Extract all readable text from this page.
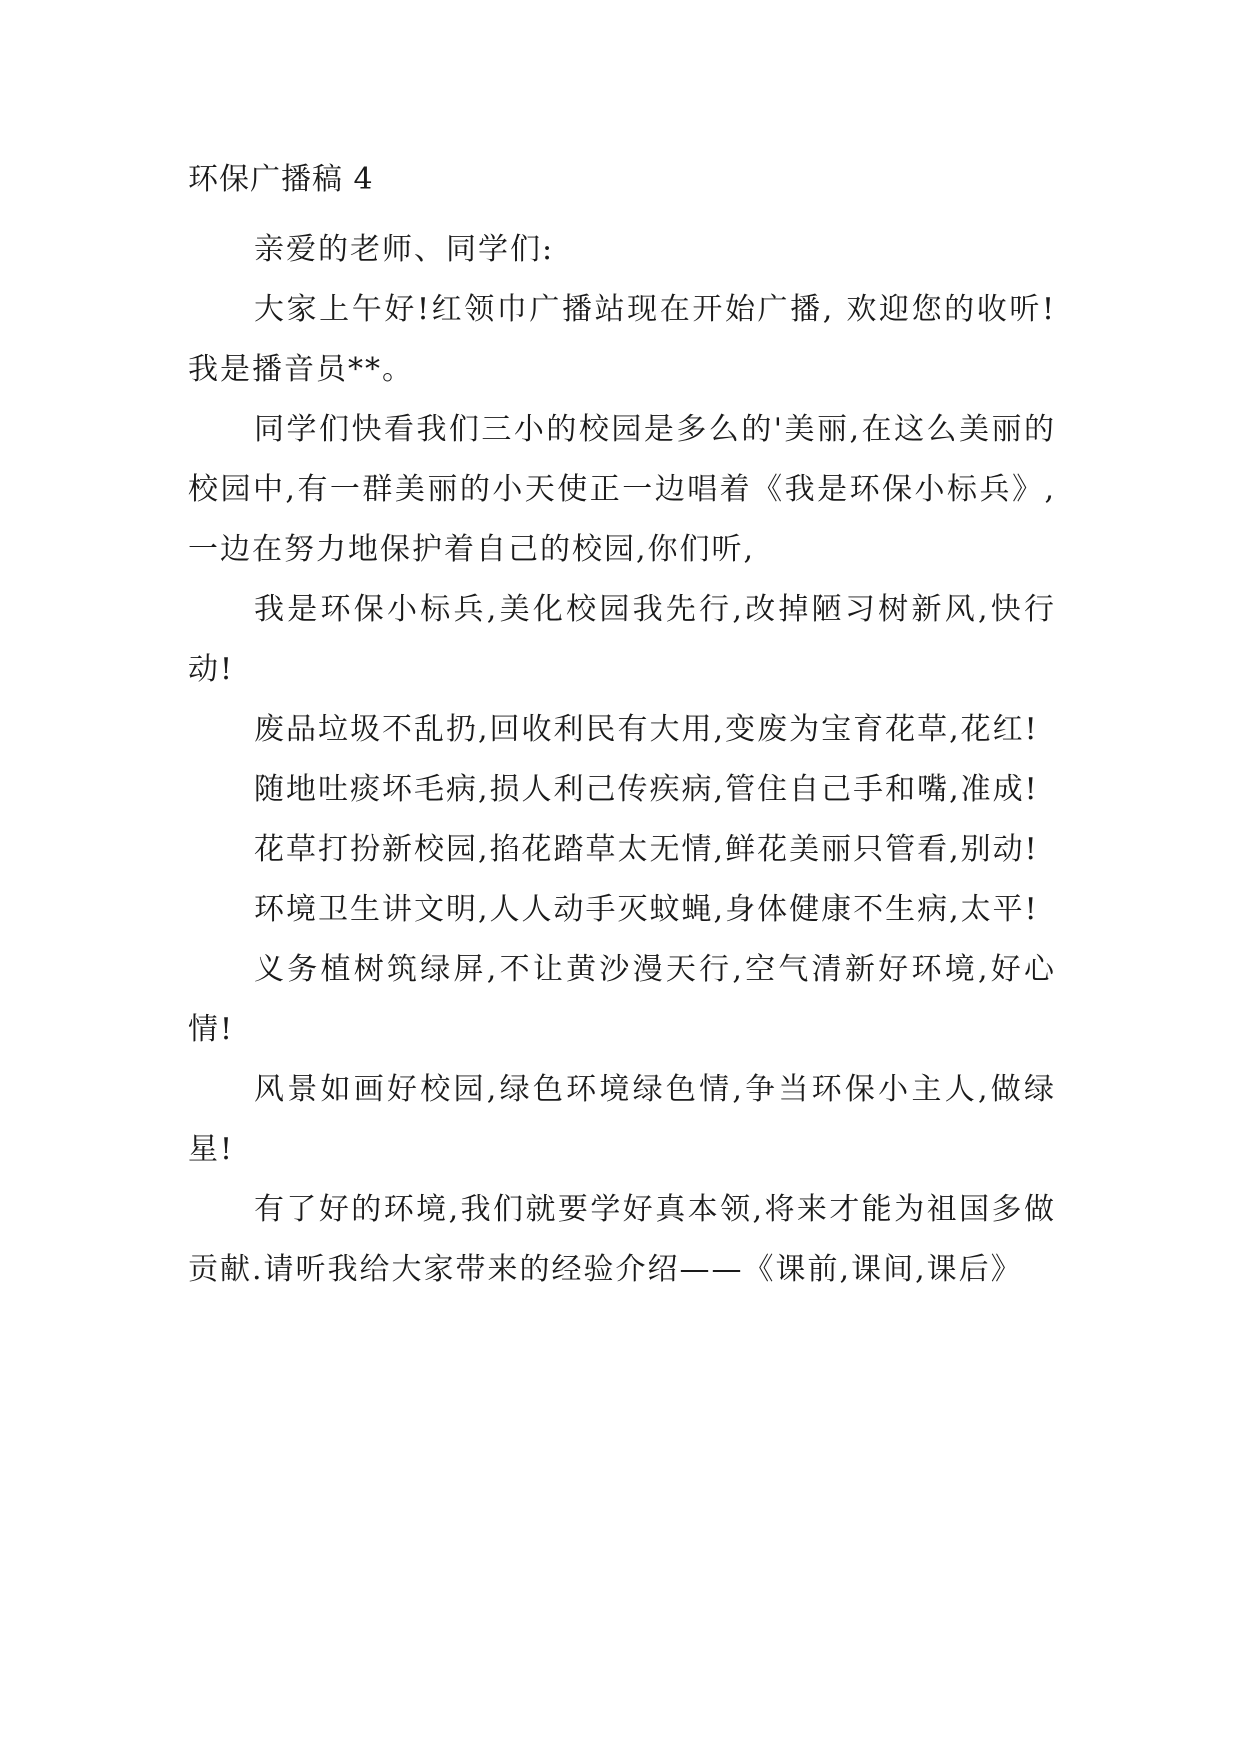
环保广播稿 4

亲爱的老师、同学们:

大家上午好!红领巾广播站现在开始广播, 欢迎您的收听!我是播音员**。

同学们快看我们三小的校园是多么的'美丽,在这么美丽的校园中,有一群美丽的小天使正一边唱着《我是环保小标兵》,一边在努力地保护着自己的校园,你们听,

我是环保小标兵,美化校园我先行,改掉陋习树新风,快行动!

废品垃圾不乱扔,回收利民有大用,变废为宝育花草,花红!

随地吐痰坏毛病,损人利己传疾病,管住自己手和嘴,准成!

花草打扮新校园,掐花踏草太无情,鲜花美丽只管看,别动!

环境卫生讲文明,人人动手灭蚊蝇,身体健康不生病,太平!

义务植树筑绿屏,不让黄沙漫天行,空气清新好环境,好心情!

风景如画好校园,绿色环境绿色情,争当环保小主人,做绿星!

有了好的环境,我们就要学好真本领,将来才能为祖国多做贡献.请听我给大家带来的经验介绍——《课前,课间,课后》
